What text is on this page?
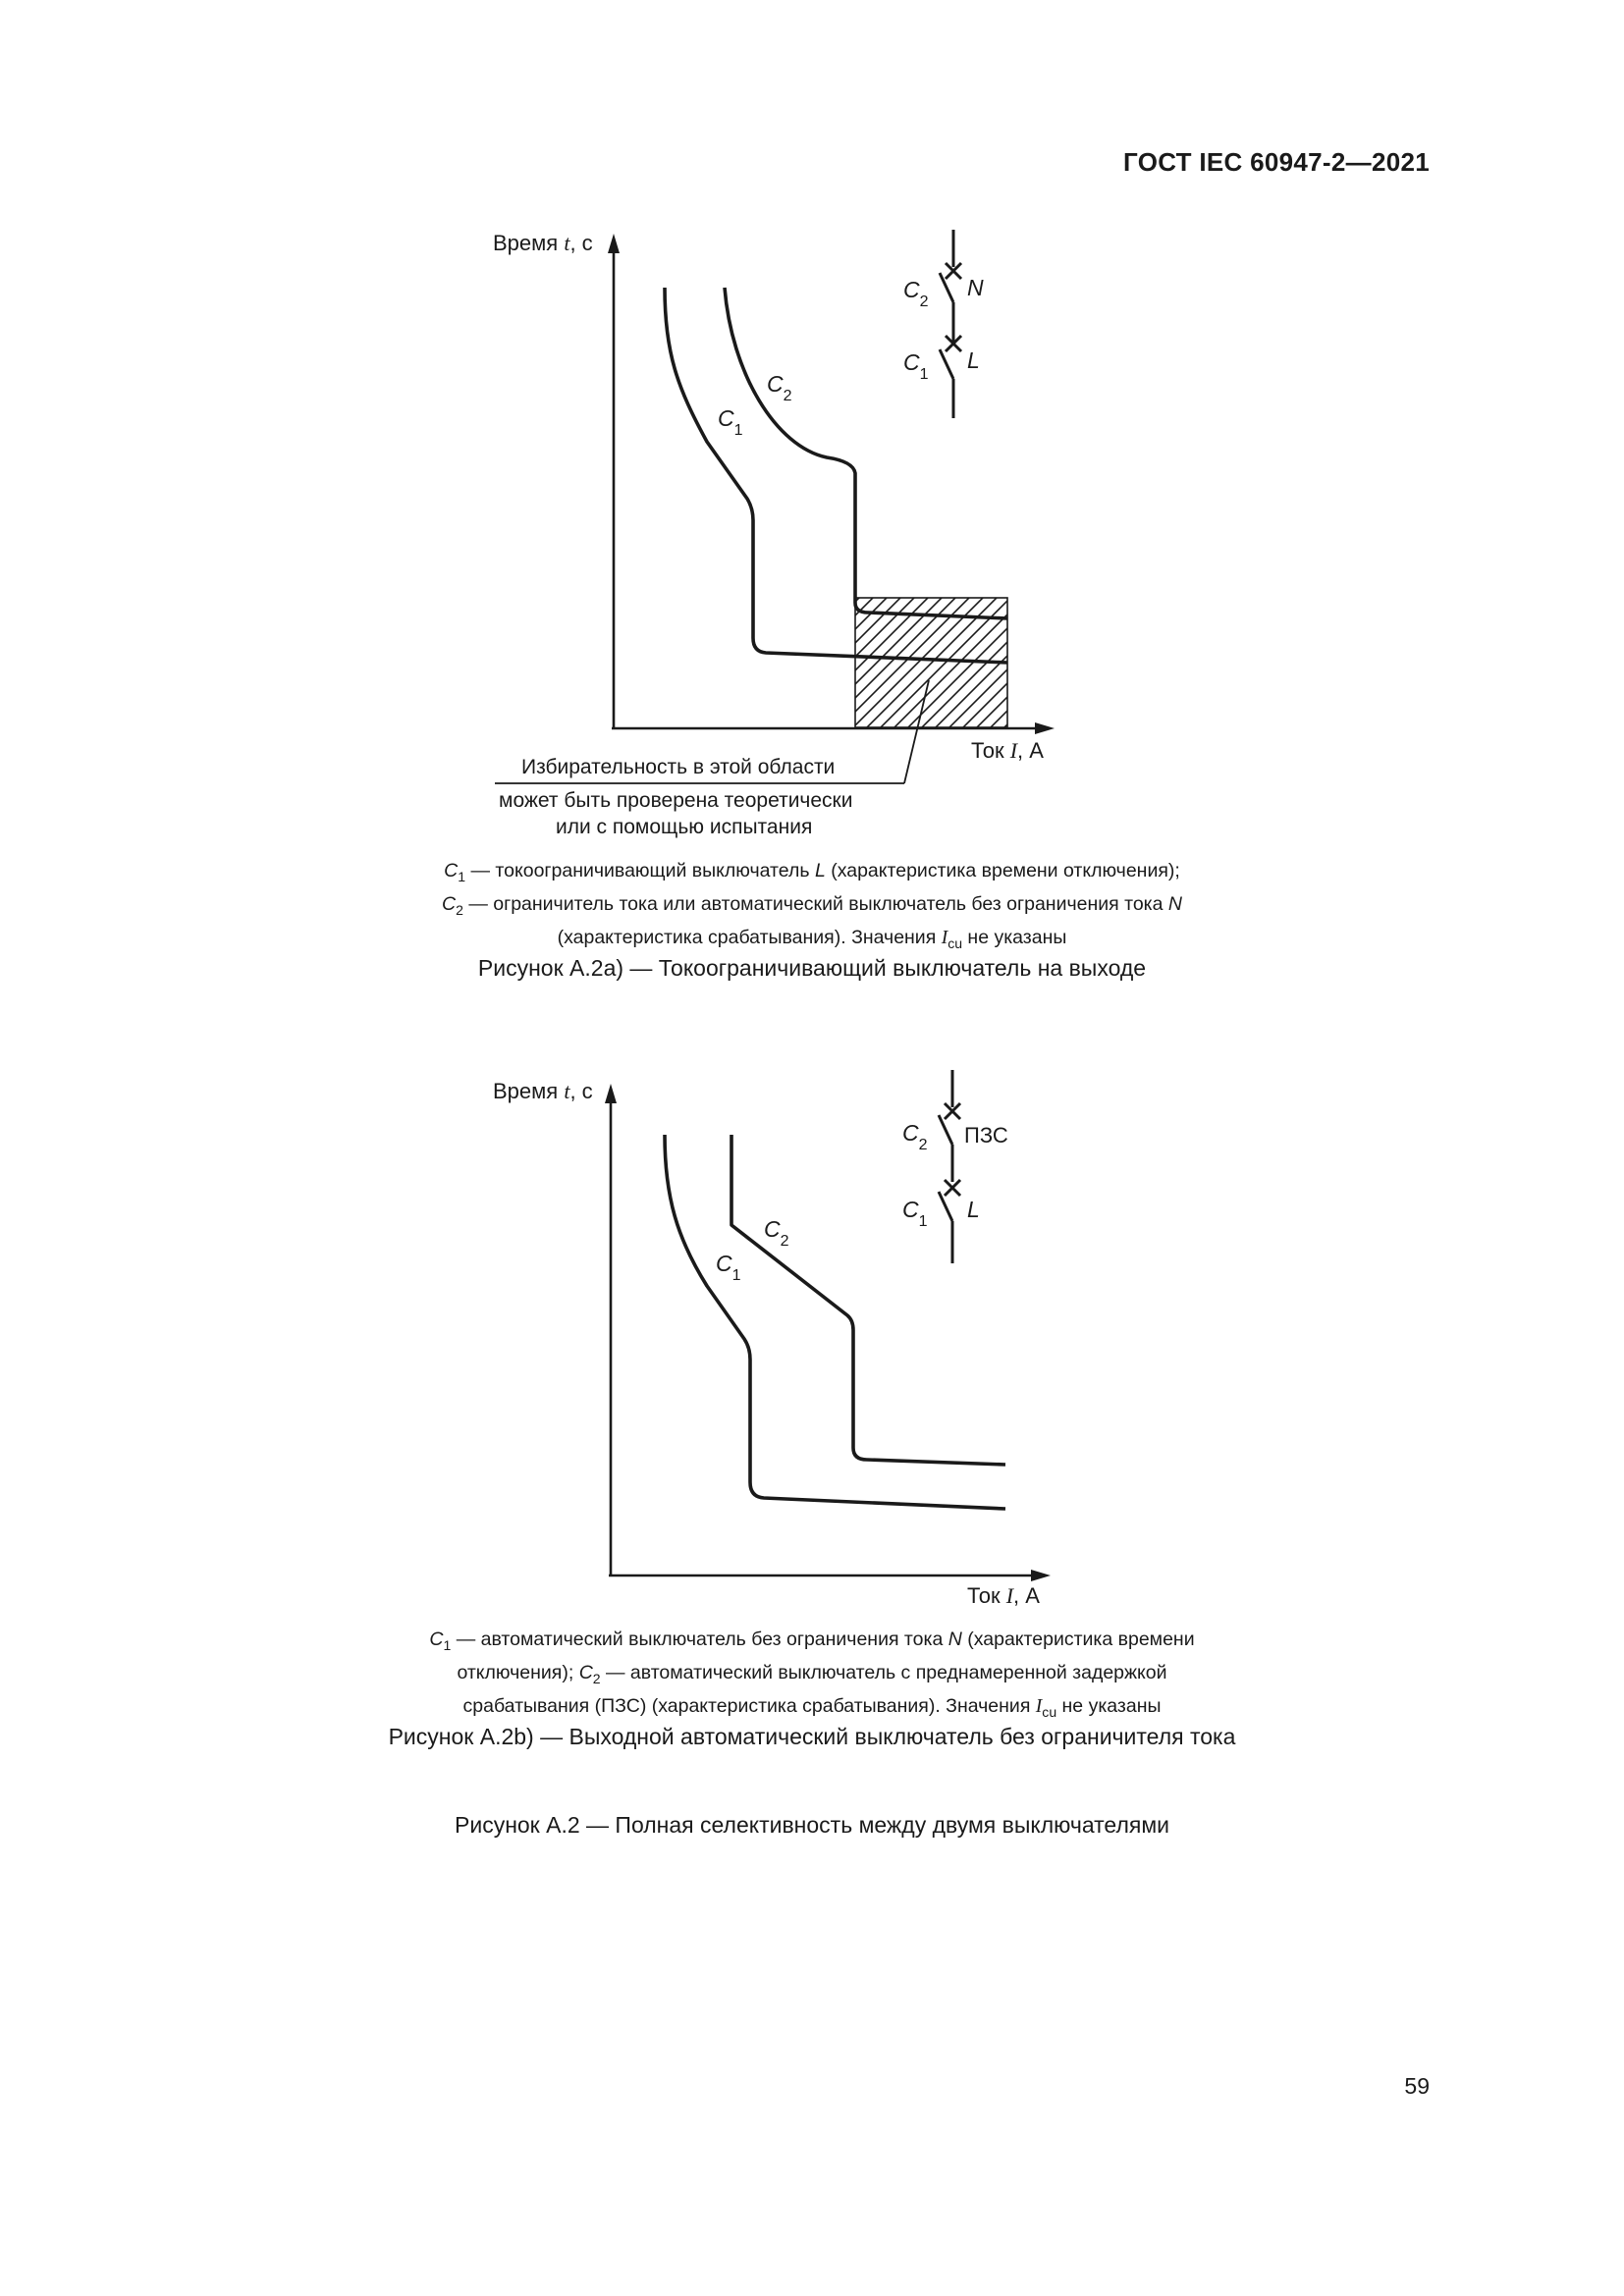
ГОСТ IEC 60947-2—2021
$C_1$
$C_2$
Время t, с
Ток I, А
$C_2$
N
$C_1$
L
Избирательность в этой области
может быть проверена теоретически
или с помощью испытания
$C_1$ — токоограничивающий выключатель L (характеристика времени отключения);
$C_2$ — ограничитель тока или автоматический выключатель без ограничения тока N
(характеристика срабатывания). Значения $I_{cu}$ не указаны
Рисунок А.2а) — Токоограничивающий выключатель на выходе
$C_1$
$C_2$
Время t, с
Ток I, А
$C_2$ ПЗС
$C_1$ L
$C_1$ — автоматический выключатель без ограничения тока N (характеристика времени
отключения); $C_2$ — автоматический выключатель с преднамеренной задержкой
срабатывания (ПЗС) (характеристика срабатывания). Значения $I_{cu}$ не указаны
Рисунок А.2b) — Выходной автоматический выключатель без ограничителя тока
Рисунок А.2 — Полная селективность между двумя выключателями
59
